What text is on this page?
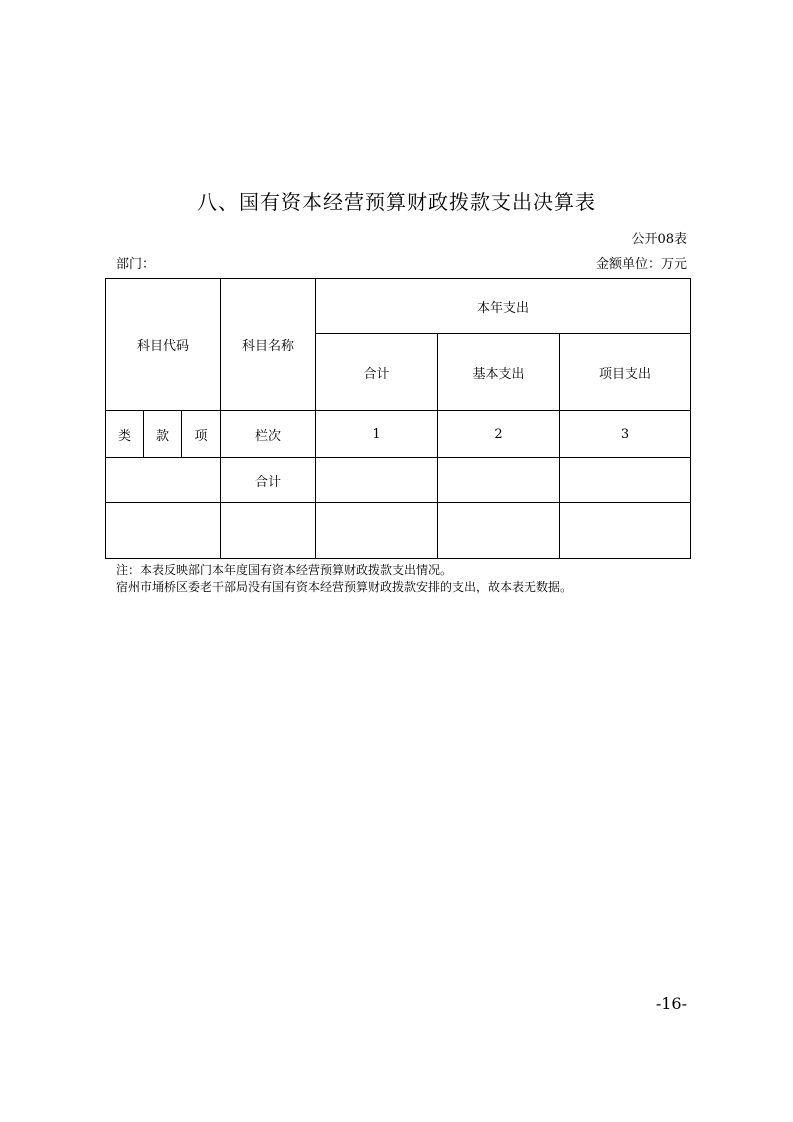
八、国有资本经营预算财政拨款支出决算表
公开08表
部门：	金额单位：万元
科目代码			科目名称	本年支出		
				合计	基本支出	项目支出
类	款	项	栏次	1	2	3
			合计			

注：本表反映部门本年度国有资本经营预算财政拨款支出情况。
宿州市埇桥区委老干部局没有国有资本经营预算财政拨款安排的支出，故本表无数据。
-16-
